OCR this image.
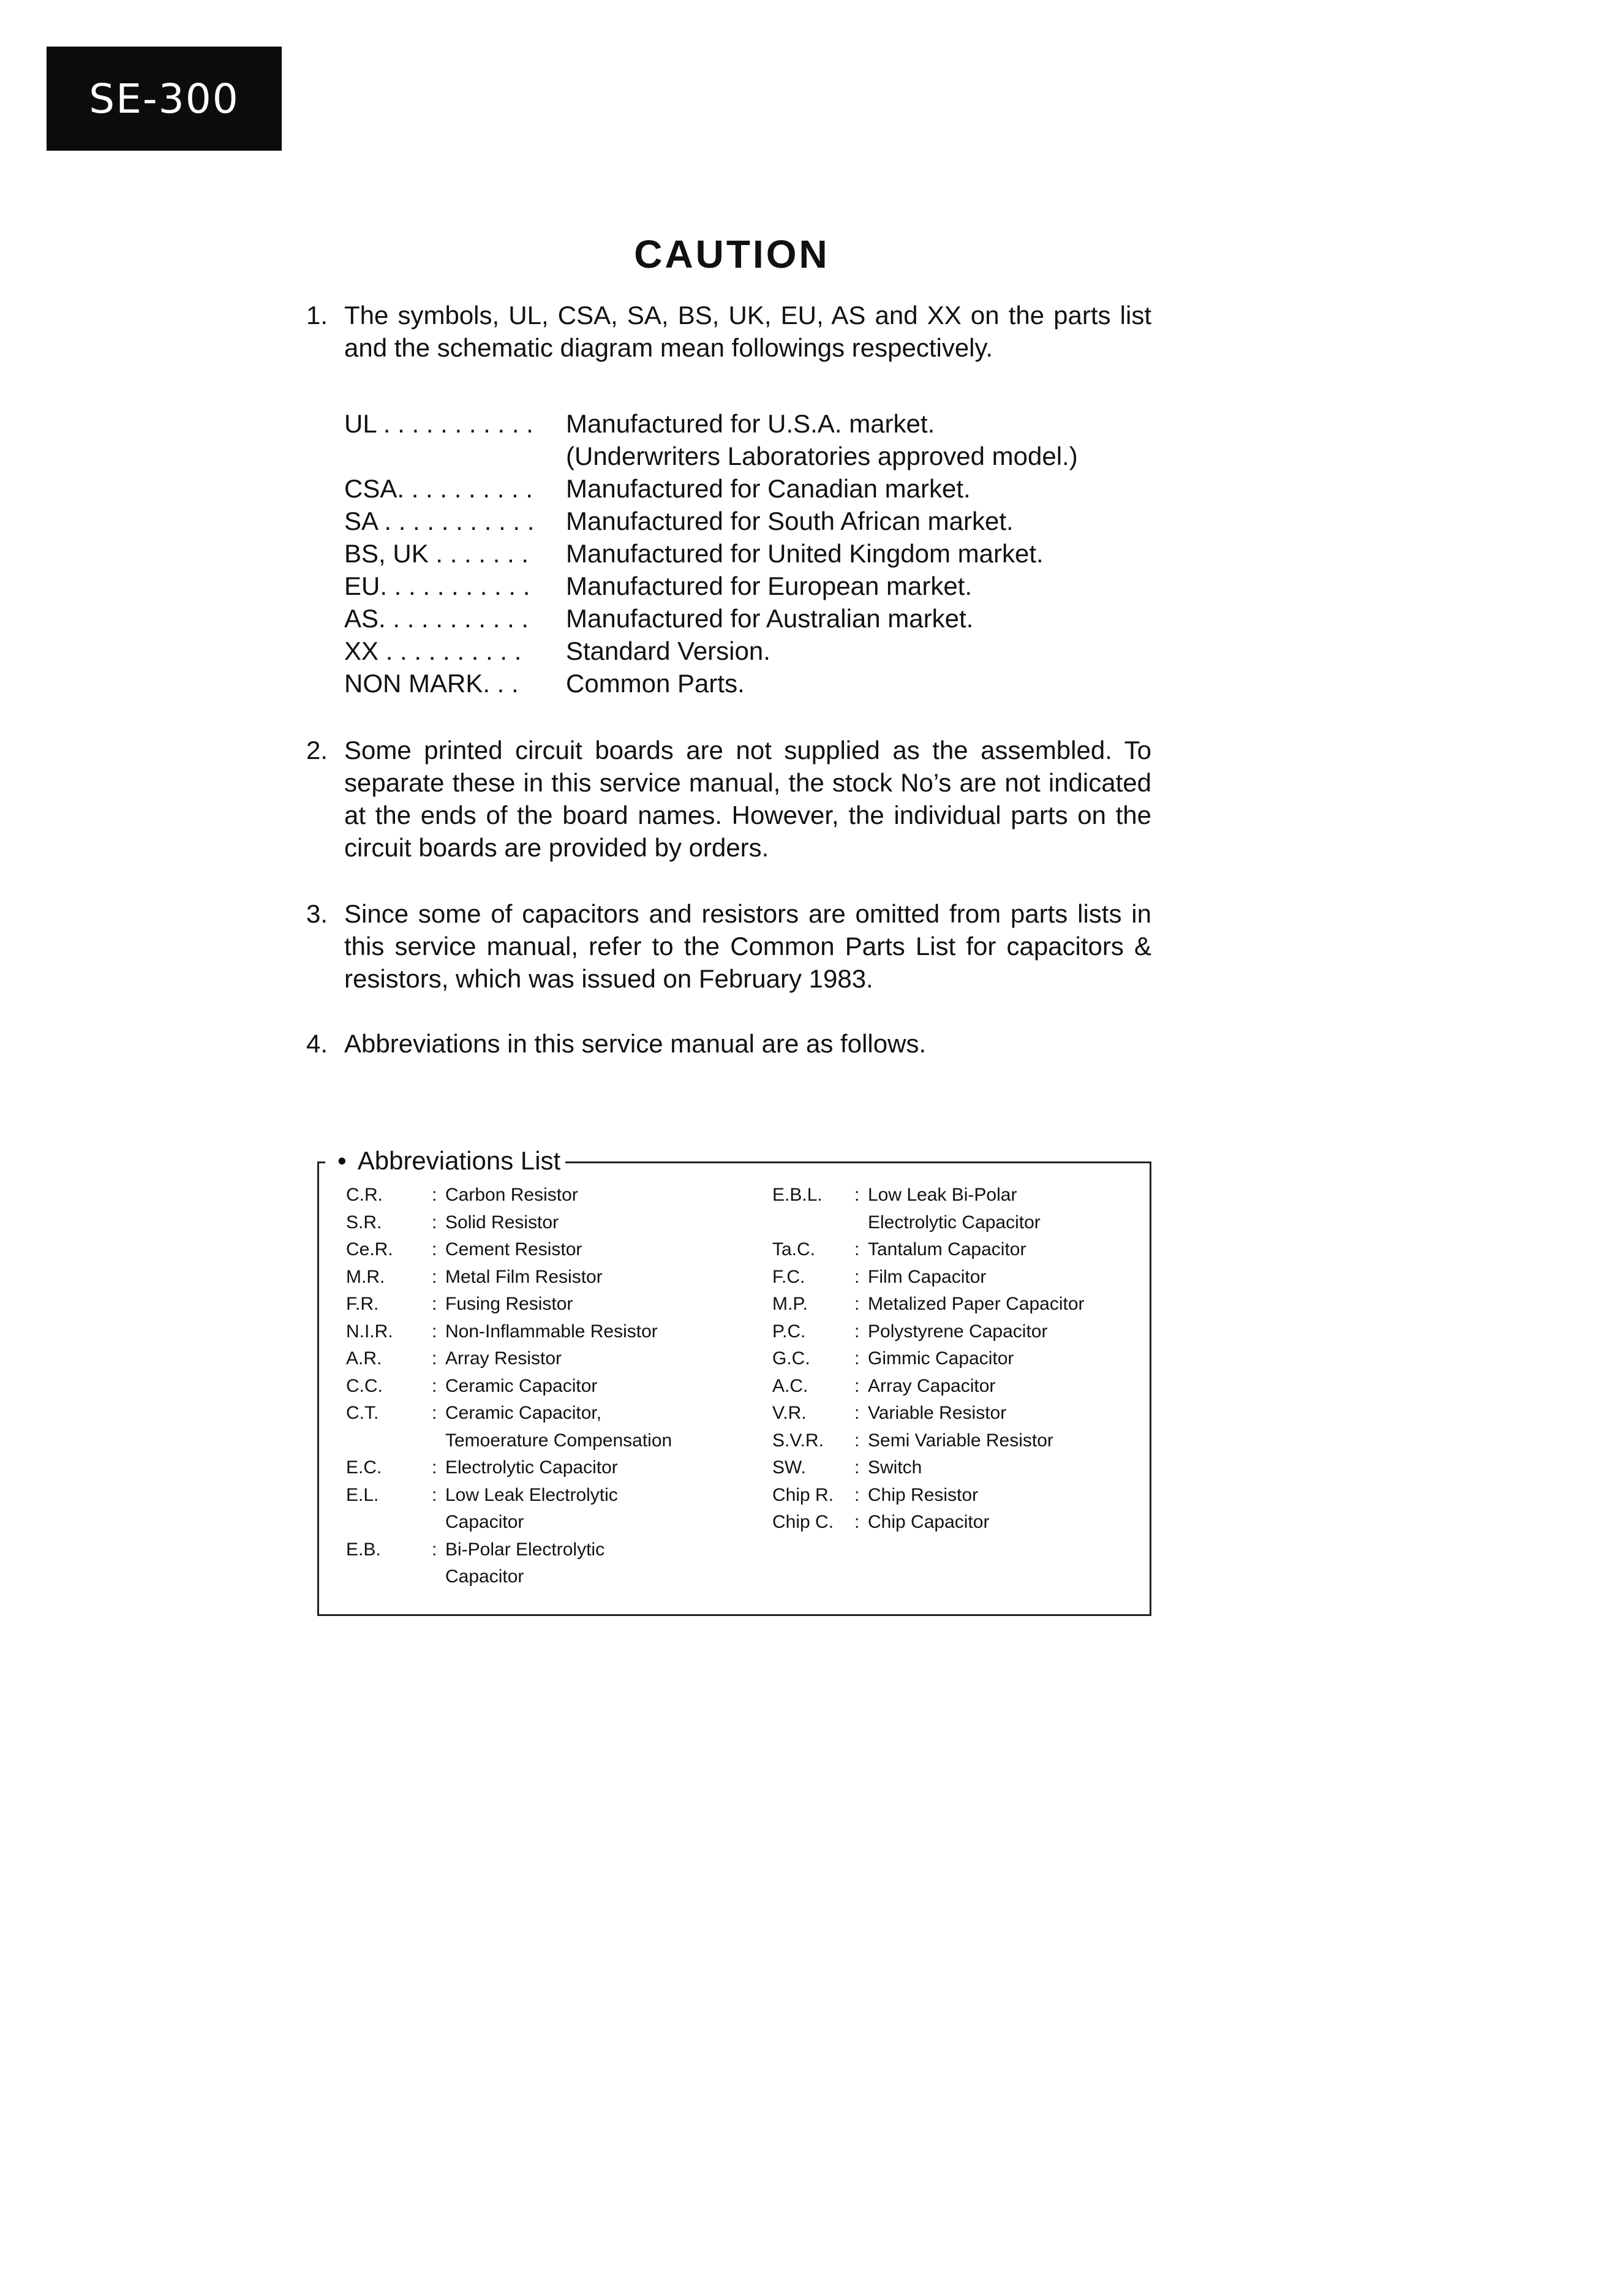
SE-300
CAUTION
1. The symbols, UL, CSA, SA, BS, UK, EU, AS and XX on the parts list and the schematic diagram mean followings respectively.
UL . . . . . . . . . . .	Manufactured for U.S.A. market.
(Underwriters Laboratories approved model.)
CSA. . . . . . . . . .	Manufactured for Canadian market.
SA . . . . . . . . . . .	Manufactured for South African market.
BS, UK . . . . . . .	Manufactured for United Kingdom market.
EU. . . . . . . . . . .	Manufactured for European market.
AS. . . . . . . . . . .	Manufactured for Australian market.
XX . . . . . . . . . .	Standard Version.
NON MARK. . .	Common Parts.
2. Some printed circuit boards are not supplied as the assembled. To separate these in this service manual, the stock No’s are not indicated at the ends of the board names. However, the individual parts on the circuit boards are provided by orders.
3. Since some of capacitors and resistors are omitted from parts lists in this service manual, refer to the Common Parts List for capacitors & resistors, which was issued on February 1983.
4. Abbreviations in this service manual are as follows.
• Abbreviations List
C.R.	: Carbon Resistor
S.R.	: Solid Resistor
Ce.R.	: Cement Resistor
M.R.	: Metal Film Resistor
F.R.	: Fusing Resistor
N.I.R.	: Non-Inflammable Resistor
A.R.	: Array Resistor
C.C.	: Ceramic Capacitor
C.T.	: Ceramic Capacitor,
Temoerature Compensation
E.C.	: Electrolytic Capacitor
E.L.	: Low Leak Electrolytic
Capacitor
E.B.	: Bi-Polar Electrolytic
Capacitor
E.B.L.	: Low Leak Bi-Polar
Electrolytic Capacitor
Ta.C.	: Tantalum Capacitor
F.C.	: Film Capacitor
M.P.	: Metalized Paper Capacitor
P.C.	: Polystyrene Capacitor
G.C.	: Gimmic Capacitor
A.C.	: Array Capacitor
V.R.	: Variable Resistor
S.V.R.	: Semi Variable Resistor
SW.	: Switch
Chip R.	: Chip Resistor
Chip C.	: Chip Capacitor
